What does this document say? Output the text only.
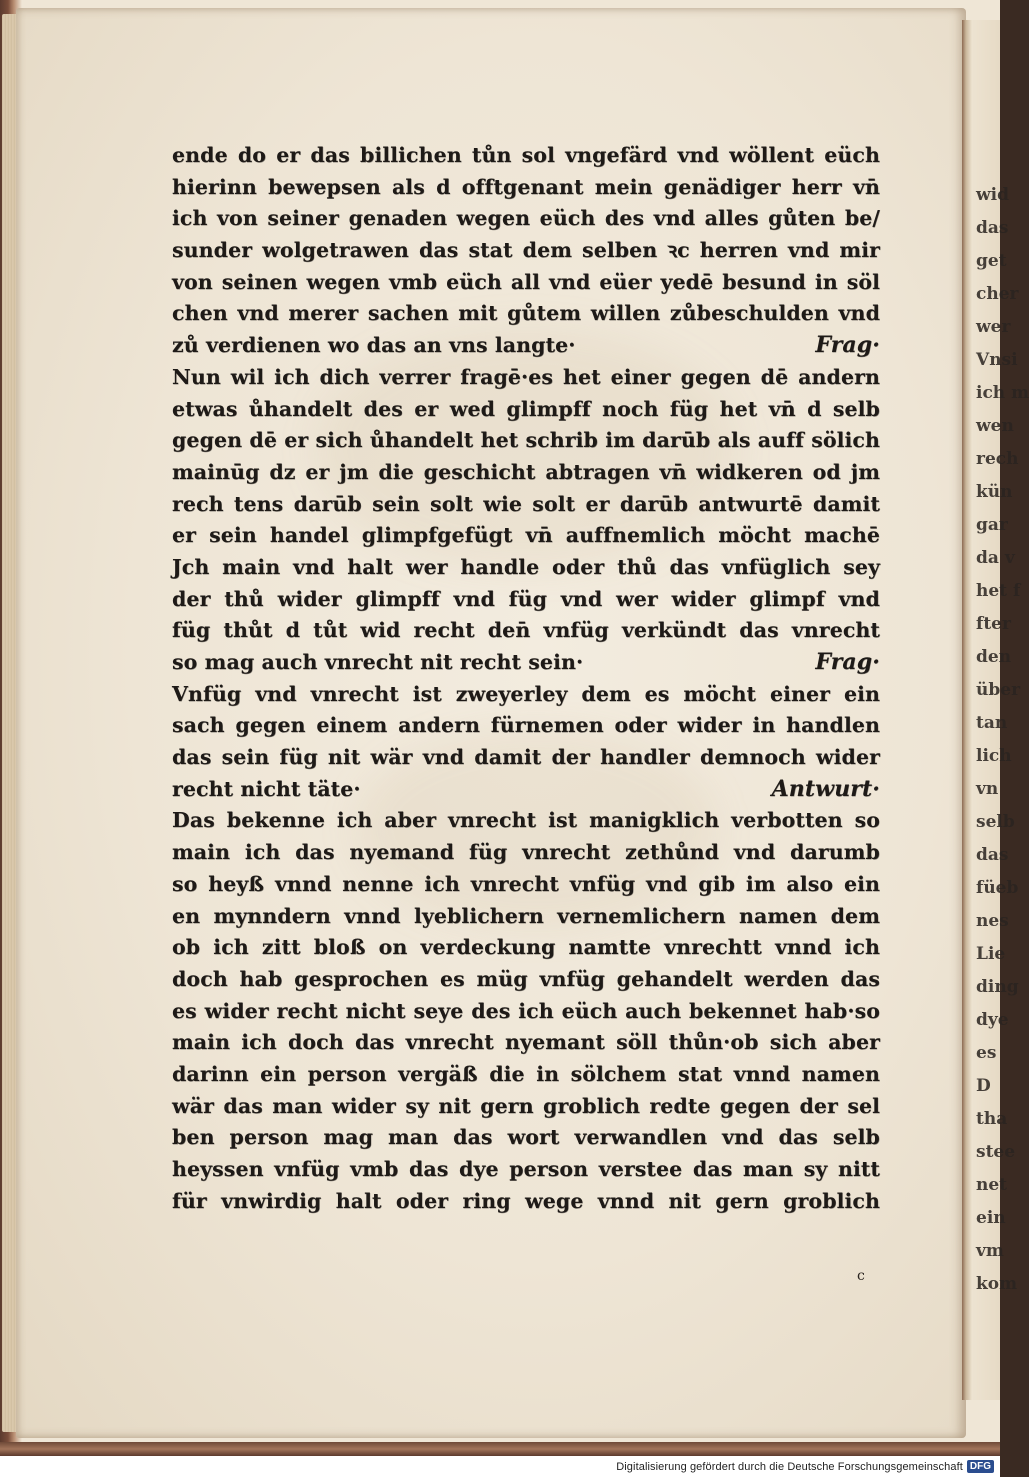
ende do er das billichen tůn sol vngefärd vnd wöllent eüch
hierinn bewepsen als d offtgenant mein genädiger herr vn̄
ich von seiner genaden wegen eüch des vnd alles gůten be/
sunder wolgetrawen das stat dem selben ꝛc herren vnd mir
von seinen wegen vmb eüch all vnd eüer yedē besund in söl
chen vnd merer sachen mit gůtem willen zůbeschulden vnd
zů verdienen wo das an vns langte·	Frag·
Nun wil ich dich verrer fragē·es het einer gegen dē andern
etwas ůhandelt des er wed glimpff noch füg het vn̄ d selb
gegen dē er sich ůhandelt het schrib im darūb als auff sölich
mainūg dz er jm die geschicht abtragen vn̄ widkeren od jm
rech tens darūb sein solt wie solt er darūb antwurtē damit
er sein handel glimpfgefügt vn̄ auffnemlich möcht machē
Jch main vnd halt wer handle oder thů das vnfüglich sey
der thů wider glimpff vnd füg vnd wer wider glimpf vnd
füg thůt d tůt wid recht den̄ vnfüg verkündt das vnrecht
so mag auch vnrecht nit recht sein·	Frag·
Vnfüg vnd vnrecht ist zweyerley dem es möcht einer ein
sach gegen einem andern fürnemen oder wider in handlen
das sein füg nit wär vnd damit der handler demnoch wider
recht nicht täte·	Antwurt·
Das bekenne ich aber vnrecht ist manigklich verbotten so
main ich das nyemand füg vnrecht zethůnd vnd darumb
so heyß vnnd nenne ich vnrecht vnfüg vnd gib im also ein
en mynndern vnnd lyeblichern vernemlichern namen dem
ob ich zitt bloß on verdeckung namtte vnrechtt vnnd ich
doch hab gesprochen es müg vnfüg gehandelt werden das
es wider recht nicht seye des ich eüch auch bekennet hab·so
main ich doch das vnrecht nyemant söll thůn·ob sich aber
darinn ein person vergäß die in sölchem stat vnnd namen
wär das man wider sy nit gern groblich redte gegen der sel
ben person mag man das wort verwandlen vnd das selb
heyssen vnfüg vmb das dye person verstee das man sy nitt
für vnwirdig halt oder ring wege vnnd nit gern groblich
c
wid
das
get
cher
wer
Vnsi
ich m
wen
rech
kün
gar
da v
het f
fter
den
über
tan
lich
vn
selb
das
füeb
nes
Lie
ding
dye
es
D
tha
stee
net
ein
vm
kom
Digitalisierung gefördert durch die Deutsche Forschungsgemeinschaft DFG
